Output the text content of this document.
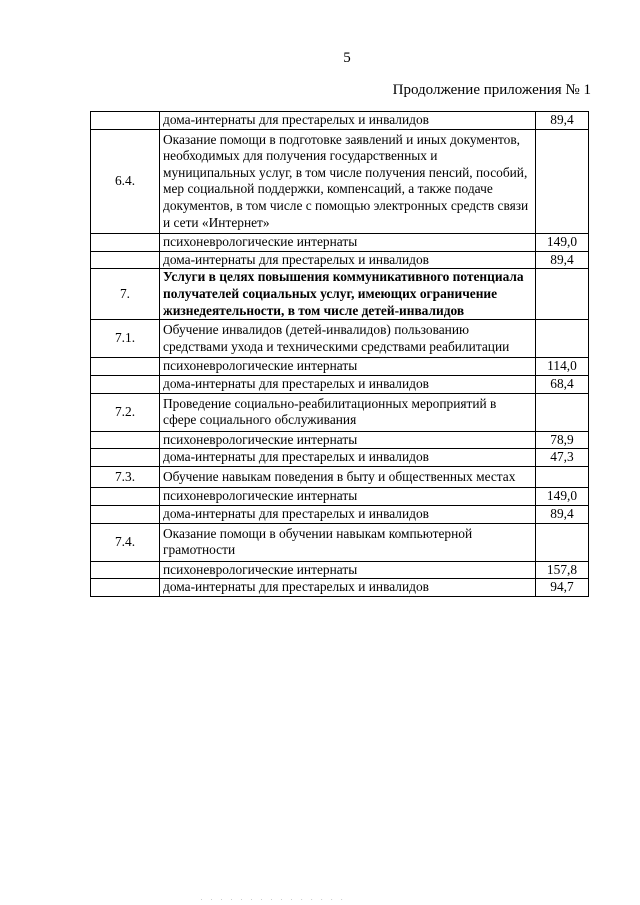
5
Продолжение приложения № 1
	дома-интернаты для престарелых и инвалидов	89,4
6.4.	Оказание помощи в подготовке заявлений и иных документов, необходимых для получения государственных и муниципальных услуг, в том числе получения пенсий, пособий, мер социальной поддержки, компенсаций, а также подаче документов, в том числе с помощью электронных средств связи и сети «Интернет»	
	психоневрологические интернаты	149,0
	дома-интернаты для престарелых и инвалидов	89,4
7.	Услуги в целях повышения коммуникативного потенциала получателей социальных услуг, имеющих ограничение жизнедеятельности, в том числе детей-инвалидов	
7.1.	Обучение инвалидов (детей-инвалидов) пользованию средствами ухода и техническими средствами реабилитации	
	психоневрологические интернаты	114,0
	дома-интернаты для престарелых и инвалидов	68,4
7.2.	Проведение социально-реабилитационных мероприятий в сфере социального обслуживания	
	психоневрологические интернаты	78,9
	дома-интернаты для престарелых и инвалидов	47,3
7.3.	Обучение навыкам поведения в быту и общественных местах	
	психоневрологические интернаты	149,0
	дома-интернаты для престарелых и инвалидов	89,4
7.4.	Оказание помощи в обучении навыкам компьютерной грамотности	
	психоневрологические интернаты	157,8
	дома-интернаты для престарелых и инвалидов	94,7
. . . . . . . . . . . . . . .
